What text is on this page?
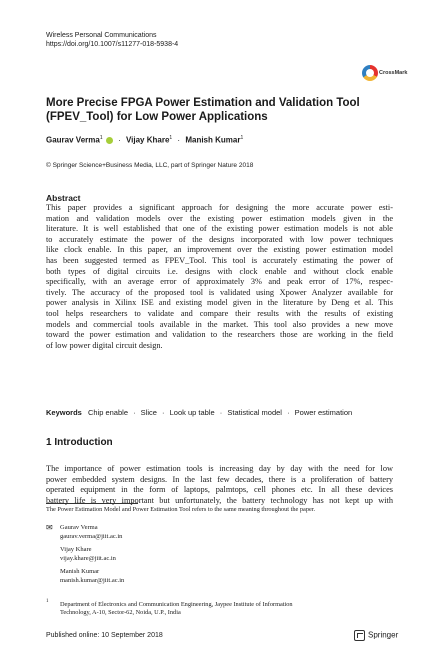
Wireless Personal Communications
https://doi.org/10.1007/s11277-018-5938-4
CrossMark
More Precise FPGA Power Estimation and Validation Tool
(FPEV_Tool) for Low Power Applications
Gaurav Verma$^1$ · Vijay Khare$^1$ · Manish Kumar$^1$
© Springer Science+Business Media, LLC, part of Springer Nature 2018
Abstract
This paper provides a significant approach for designing the more accurate power esti-
mation and validation models over the existing power estimation models given in the
literature. It is well established that one of the existing power estimation models is not able
to accurately estimate the power of the designs incorporated with low power techniques
like clock enable. In this paper, an improvement over the existing power estimation model
has been suggested termed as FPEV_Tool. This tool is accurately estimating the power of
both types of digital circuits i.e. designs with clock enable and without clock enable
specifically, with an average error of approximately 3% and peak error of 17%, respec-
tively. The accuracy of the proposed tool is validated using Xpower Analyzer available for
power analysis in Xilinx ISE and existing model given in the literature by Deng et al. This
tool helps researchers to validate and compare their results with the results of existing
models and commercial tools available in the market. This tool also provides a new move
toward the power estimation and validation to the researchers those are working in the field
of low power digital circuit design.
Keywords Chip enable · Slice · Look up table · Statistical model · Power estimation
1 Introduction
The importance of power estimation tools is increasing day by day with the need for low
power embedded system designs. In the last few decades, there is a proliferation of battery
operated equipment in the form of laptops, palmtops, cell phones etc. In all these devices
battery life is very important but unfortunately, the battery technology has not kept up with
The Power Estimation Model and Power Estimation Tool refers to the same meaning throughout the paper.
✉ Gaurav Verma
gaurav.verma@jiit.ac.in
Vijay Khare
vijay.khare@jiit.ac.in
Manish Kumar
manish.kumar@jiit.ac.in
1 Department of Electronics and Communication Engineering, Jaypee Institute of Information
Technology, A-10, Sector-62, Noida, U.P., India
Published online: 10 September 2018	Springer
